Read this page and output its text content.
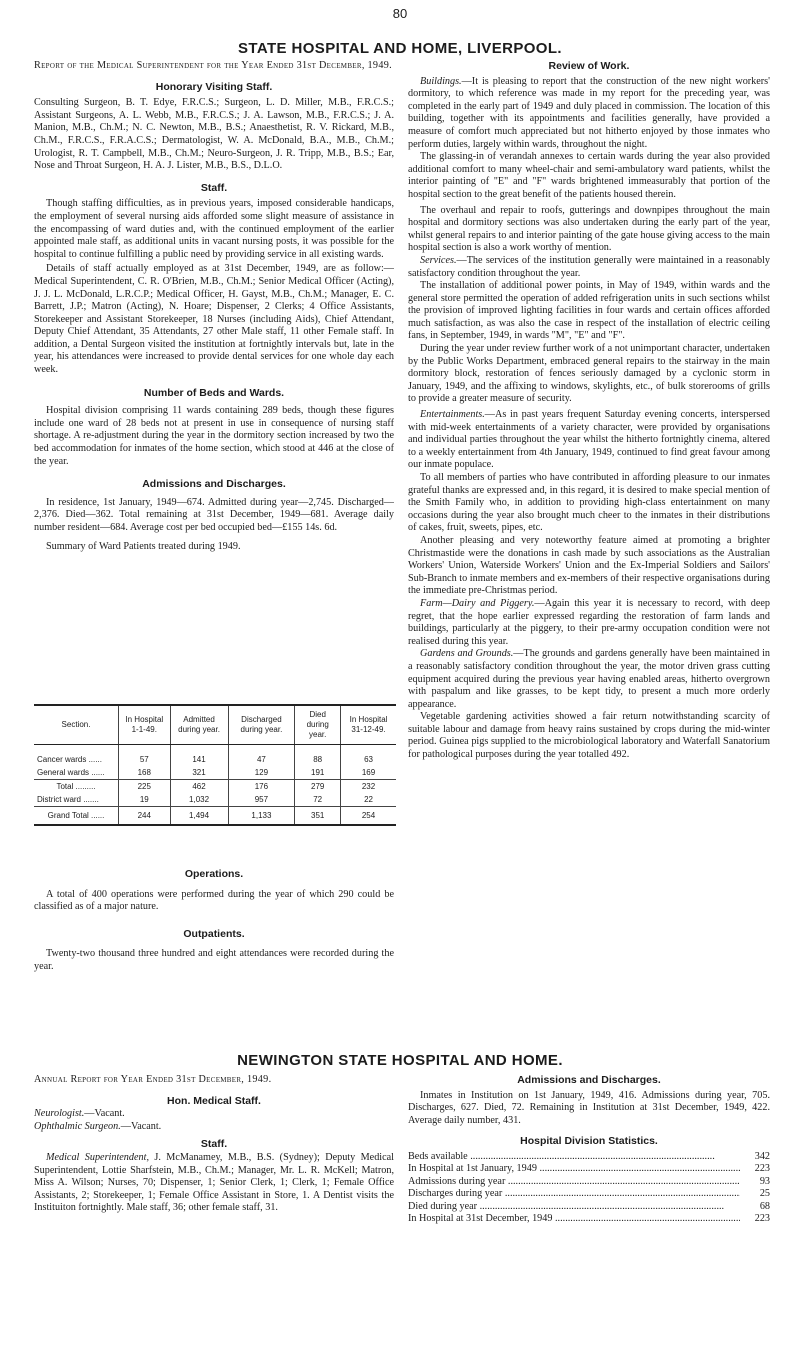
80
STATE HOSPITAL AND HOME, LIVERPOOL.

Report of the Medical Superintendent for the Year Ended 31st December, 1949.

Honorary Visiting Staff.

Consulting Surgeon, B. T. Edye, F.R.C.S.; Surgeon, L. D. Miller, M.B., F.R.C.S.; Assistant Surgeons, A. L. Webb, M.B., F.R.C.S.; J. A. Lawson, M.B., F.R.C.S.; J. A. Manion, M.B., Ch.M.; N. C. Newton, M.B., B.S.; Anaesthetist, R. V. Rickard, M.B., Ch.M., F.R.C.S., F.R.A.C.S.; Dermatologist, W. A. McDonald, B.A., M.B., Ch.M.; Urologist, R. T. Campbell, M.B., Ch.M.; Neuro-Surgeon, J. R. Tripp, M.B., B.S.; Ear, Nose and Throat Surgeon, H. A. J. Lister, M.B., B.S., D.L.O.

Staff.

Though staffing difficulties, as in previous years, imposed considerable handicaps, the employment of several nursing aids afforded some slight measure of assistance in the encompassing of ward duties and, with the continued employment of the earlier appointed male staff, as additional units in vacant nursing posts, it was possible for the hospital to continue fulfilling a public need by providing service in all existing wards.

Details of staff actually employed as at 31st December, 1949, are as follow:—Medical Superintendent, C. R. O'Brien, M.B., Ch.M.; Senior Medical Officer (Acting), J. J. L. McDonald, L.R.C.P.; Medical Officer, H. Gayst, M.B., Ch.M.; Manager, E. C. Barrett, J.P.; Matron (Acting), N. Hoare; Dispenser, 2 Clerks; 4 Office Assistants, Storekeeper and Assistant Storekeeper, 18 Nurses (including Aids), Chief Attendant, Deputy Chief Attendant, 35 Attendants, 27 other Male staff, 11 other Female staff. In addition, a Dental Surgeon visited the institution at fortnightly intervals but, late in the year, his attendances were increased to provide dental services for one whole day each week.

Number of Beds and Wards.

Hospital division comprising 11 wards containing 289 beds, though these figures include one ward of 28 beds not at present in use in consequence of nursing staff shortage. A re-adjustment during the year in the dormitory section increased by two the bed accommodation for inmates of the home section, which stood at 446 at the close of the year.

Admissions and Discharges.

In residence, 1st January, 1949—674. Admitted during year—2,745. Discharged—2,376. Died—362. Total remaining at 31st December, 1949—681. Average daily number resident—684. Average cost per bed occupied bed—£155 14s. 6d.

Summary of Ward Patients treated during 1949.

Section.	In Hospital 1-1-49.	Admitted during year.	Discharged during year.	Died during year.	In Hospital 31-12-49.

Cancer wards ......	57	141	47	88	63
General wards ......	168	321	129	191	169
Total .........	225	462	176	279	232
District ward .......	19	1,032	957	72	22
Grand Total ......	244	1,494	1,133	351	254
Operations.

A total of 400 operations were performed during the year of which 290 could be classified as of a major nature.

Outpatients.

Twenty-two thousand three hundred and eight attendances were recorded during the year.

Review of Work.

Buildings.—It is pleasing to report that the construction of the new night workers' dormitory, to which reference was made in my report for the preceding year, was completed in the early part of 1949 and duly placed in commission. The location of this building, together with its appointments and facilities generally, have provided a measure of comfort much appreciated but not hitherto enjoyed by those inmates who perform duties, largely within wards, throughout the night.

The glassing-in of verandah annexes to certain wards during the year also provided additional comfort to many wheel-chair and semi-ambulatory ward patients, whilst the interior painting of "E" and "F" wards brightened immeasurably that portion of the hospital section to the great benefit of the patients housed therein.

The overhaul and repair to roofs, gutterings and downpipes throughout the main hospital and dormitory sections was also undertaken during the early part of the year, whilst general repairs to and interior painting of the gate house giving access to the main hospital section is also a work worthy of mention.

Services.—The services of the institution generally were maintained in a reasonably satisfactory condition throughout the year.

The installation of additional power points, in May of 1949, within wards and the general store permitted the operation of added refrigeration units in such sections whilst the provision of improved lighting facilities in four wards and certain offices afforded much satisfaction, as was also the case in respect of the installation of electric ceiling fans, in September, 1949, in wards "M", "E" and "F".

During the year under review further work of a not unimportant character, undertaken by the Public Works Department, embraced general repairs to the stairway in the main dormitory block, restoration of fences seriously damaged by a cyclonic storm in January, 1949, and the affixing to windows, skylights, etc., of bulk storerooms of grills to provide a greater measure of security.

Entertainments.—As in past years frequent Saturday evening concerts, interspersed with mid-week entertainments of a variety character, were provided by organisations and individual parties throughout the year whilst the hitherto fortnightly cinema, altered to a weekly entertainment from 4th January, 1949, continued to find great favour among our inmate populace.

To all members of parties who have contributed in affording pleasure to our inmates grateful thanks are expressed and, in this regard, it is desired to make special mention of the Smith Family who, in addition to providing high-class entertainment on many occasions during the year also brought much cheer to the inmates in their distributions of cakes, fruit, sweets, pipes, etc.

Another pleasing and very noteworthy feature aimed at promoting a brighter Christmastide were the donations in cash made by such associations as the Australian Workers' Union, Waterside Workers' Union and the Ex-Imperial Soldiers and Sailors' Sub-Branch to inmate members and ex-members of their respective organisations during the immediate pre-Christmas period.

Farm—Dairy and Piggery.—Again this year it is necessary to record, with deep regret, that the hope earlier expressed regarding the restoration of farm lands and buildings, particularly at the piggery, to their pre-army occupation condition were not realised during this year.

Gardens and Grounds.—The grounds and gardens generally have been maintained in a reasonably satisfactory condition throughout the year, the motor driven grass cutting equipment acquired during the previous year having enabled areas, hitherto overgrown with paspalum and like grasses, to be kept tidy, to present a much more orderly appearance.

Vegetable gardening activities showed a fair return notwithstanding scarcity of suitable labour and damage from heavy rains sustained by crops during the mid-winter period. Guinea pigs supplied to the microbiological laboratory and Waterfall Sanatorium for pathological purposes during the year totalled 492.

NEWINGTON STATE HOSPITAL AND HOME.

Annual Report for Year Ended 31st December, 1949.

Hon. Medical Staff.

Neurologist.—Vacant.

Ophthalmic Surgeon.—Vacant.

Staff.

Medical Superintendent, J. McManamey, M.B., B.S. (Sydney); Deputy Medical Superintendent, Lottie Sharfstein, M.B., Ch.M.; Manager, Mr. L. R. McKell; Matron, Miss A. Wilson; Nurses, 70; Dispenser, 1; Senior Clerk, 1; Clerk, 1; Female Office Assistants, 2; Storekeeper, 1; Female Office Assistant in Store, 1. A Dentist visits the Instituiton fortnightly. Male staff, 36; other female staff, 31.

Admissions and Discharges.

Inmates in Institution on 1st January, 1949, 416. Admissions during year, 705. Discharges, 627. Died, 72. Remaining in Institution at 31st December, 1949, 422. Average daily number, 431.

Hospital Division Statistics.
Beds available .....	342
In Hospital at 1st January, 1949 .....	223
Admissions during year .....	93
Discharges during year .....	25
Died during year .....	68
In Hospital at 31st December, 1949 .....	223
